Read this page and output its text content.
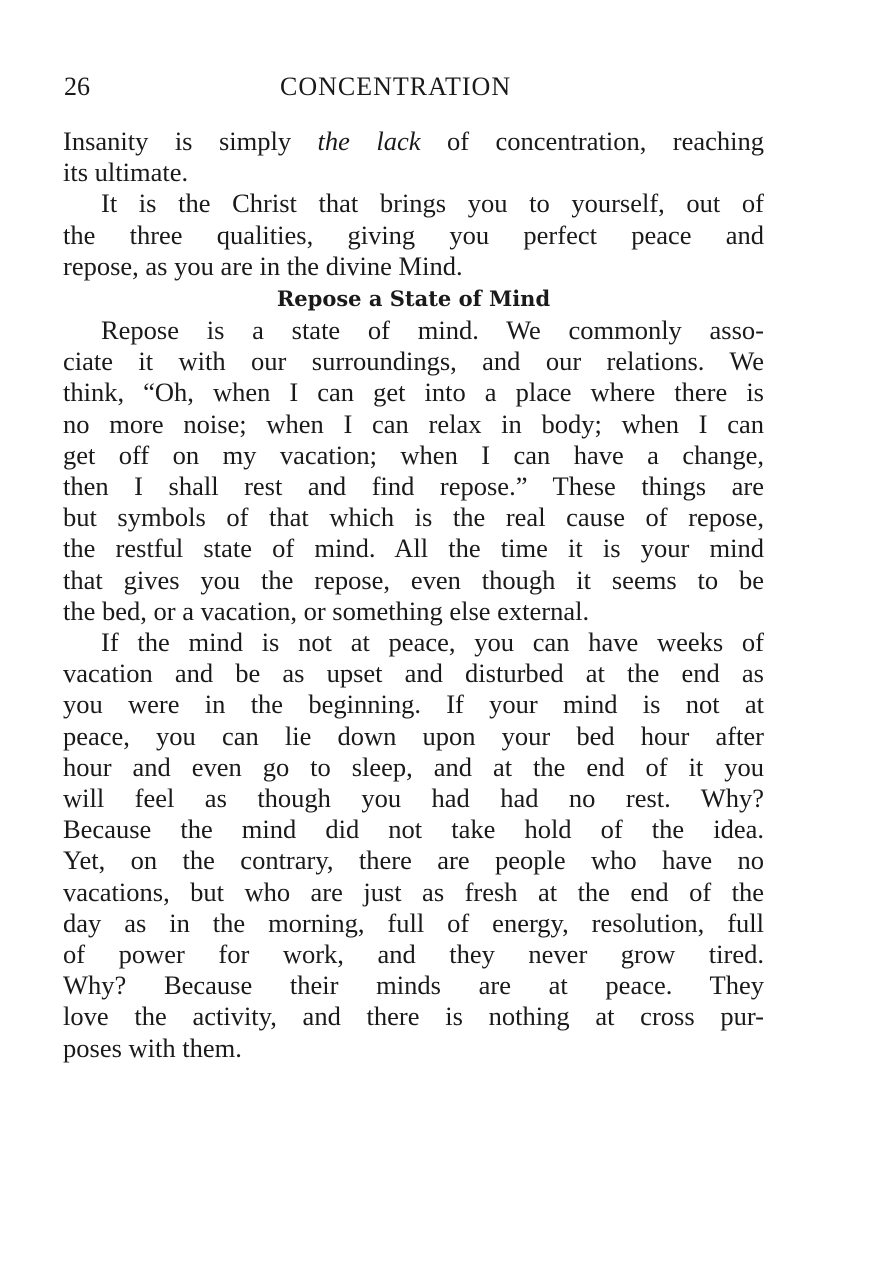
26	CONCENTRATION
Insanity is simply the lack of concentration, reaching
its ultimate.
It is the Christ that brings you to yourself, out of
the three qualities, giving you perfect peace and
repose, as you are in the divine Mind.
Repose a State of Mind
Repose is a state of mind. We commonly asso-
ciate it with our surroundings, and our relations. We
think, “Oh, when I can get into a place where there is
no more noise; when I can relax in body; when I can
get off on my vacation; when I can have a change,
then I shall rest and find repose.” These things are
but symbols of that which is the real cause of repose,
the restful state of mind. All the time it is your mind
that gives you the repose, even though it seems to be
the bed, or a vacation, or something else external.
If the mind is not at peace, you can have weeks of
vacation and be as upset and disturbed at the end as
you were in the beginning. If your mind is not at
peace, you can lie down upon your bed hour after
hour and even go to sleep, and at the end of it you
will feel as though you had had no rest. Why?
Because the mind did not take hold of the idea.
Yet, on the contrary, there are people who have no
vacations, but who are just as fresh at the end of the
day as in the morning, full of energy, resolution, full
of power for work, and they never grow tired.
Why? Because their minds are at peace. They
love the activity, and there is nothing at cross pur-
poses with them.
